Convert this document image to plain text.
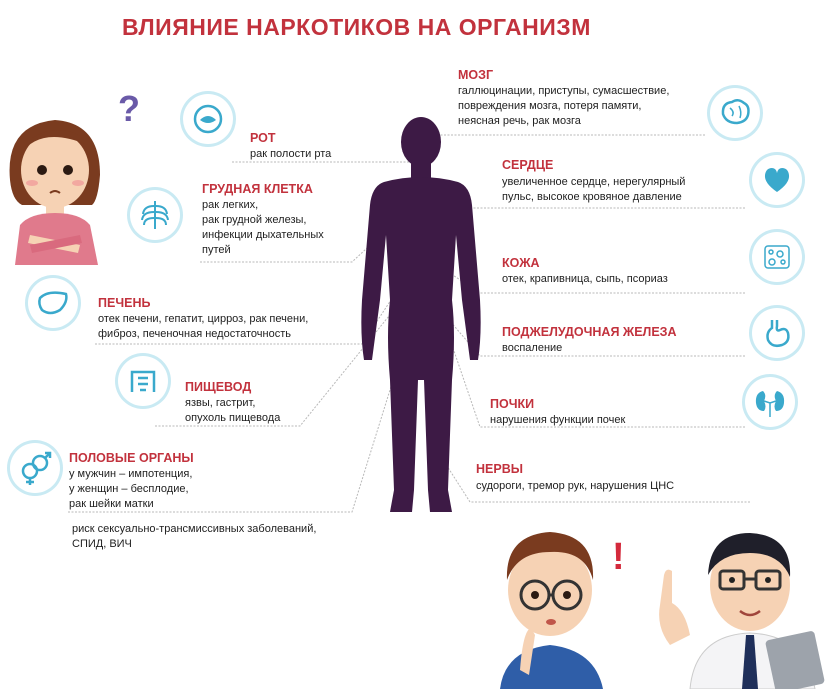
ВЛИЯНИЕ НАРКОТИКОВ НА ОРГАНИЗМ
РОТ
рак полости рта
ГРУДНАЯ КЛЕТКА
рак легких,
рак грудной железы,
инфекции дыхательных
путей
ПЕЧЕНЬ
отек печени, гепатит, цирроз, рак печени,
фиброз, печеночная недостаточность
ПИЩЕВОД
язвы, гастрит,
опухоль пищевода
ПОЛОВЫЕ ОРГАНЫ
у мужчин – импотенция,
у женщин – бесплодие,
рак шейки матки
риск сексуально-трансмиссивных заболеваний,
СПИД, ВИЧ
МОЗГ
галлюцинации, приступы, сумасшествие,
повреждения мозга, потеря памяти,
неясная речь, рак мозга
СЕРДЦЕ
увеличенное сердце, нерегулярный
пульс, высокое кровяное давление
КОЖА
отек, крапивница, сыпь, псориаз
ПОДЖЕЛУДОЧНАЯ ЖЕЛЕЗА
воспаление
ПОЧКИ
нарушения функции почек
НЕРВЫ
судороги, тремор рук, нарушения ЦНС
?
!
